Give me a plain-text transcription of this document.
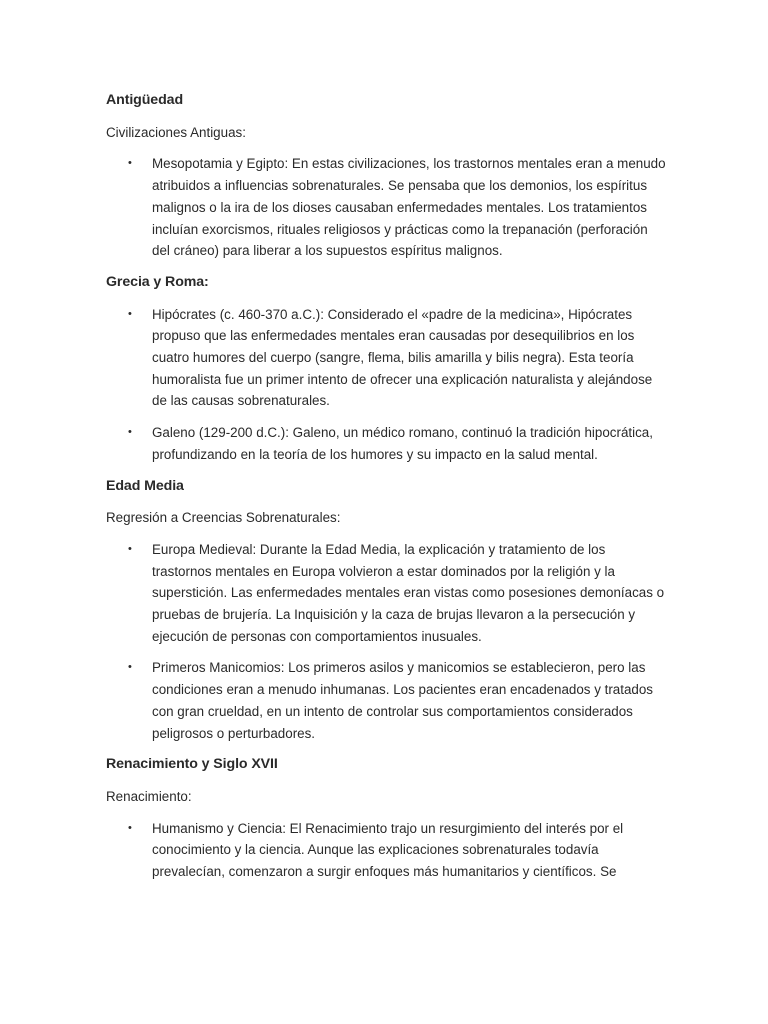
Antigüedad

Civilizaciones Antiguas:

• Mesopotamia y Egipto: En estas civilizaciones, los trastornos mentales eran a menudo atribuidos a influencias sobrenaturales. Se pensaba que los demonios, los espíritus malignos o la ira de los dioses causaban enfermedades mentales. Los tratamientos incluían exorcismos, rituales religiosos y prácticas como la trepanación (perforación del cráneo) para liberar a los supuestos espíritus malignos.
Grecia y Roma:
• Hipócrates (c. 460-370 a.C.): Considerado el «padre de la medicina», Hipócrates propuso que las enfermedades mentales eran causadas por desequilibrios en los cuatro humores del cuerpo (sangre, flema, bilis amarilla y bilis negra). Esta teoría humoralista fue un primer intento de ofrecer una explicación naturalista y alejándose de las causas sobrenaturales.
• Galeno (129-200 d.C.): Galeno, un médico romano, continuó la tradición hipocrática, profundizando en la teoría de los humores y su impacto en la salud mental.
Edad Media

Regresión a Creencias Sobrenaturales:

• Europa Medieval: Durante la Edad Media, la explicación y tratamiento de los trastornos mentales en Europa volvieron a estar dominados por la religión y la superstición. Las enfermedades mentales eran vistas como posesiones demoníacas o pruebas de brujería. La Inquisición y la caza de brujas llevaron a la persecución y ejecución de personas con comportamientos inusuales.
• Primeros Manicomios: Los primeros asilos y manicomios se establecieron, pero las condiciones eran a menudo inhumanas. Los pacientes eran encadenados y tratados con gran crueldad, en un intento de controlar sus comportamientos considerados peligrosos o perturbadores.
Renacimiento y Siglo XVII

Renacimiento:

• Humanismo y Ciencia: El Renacimiento trajo un resurgimiento del interés por el conocimiento y la ciencia. Aunque las explicaciones sobrenaturales todavía prevalecían, comenzaron a surgir enfoques más humanitarios y científicos. Se
